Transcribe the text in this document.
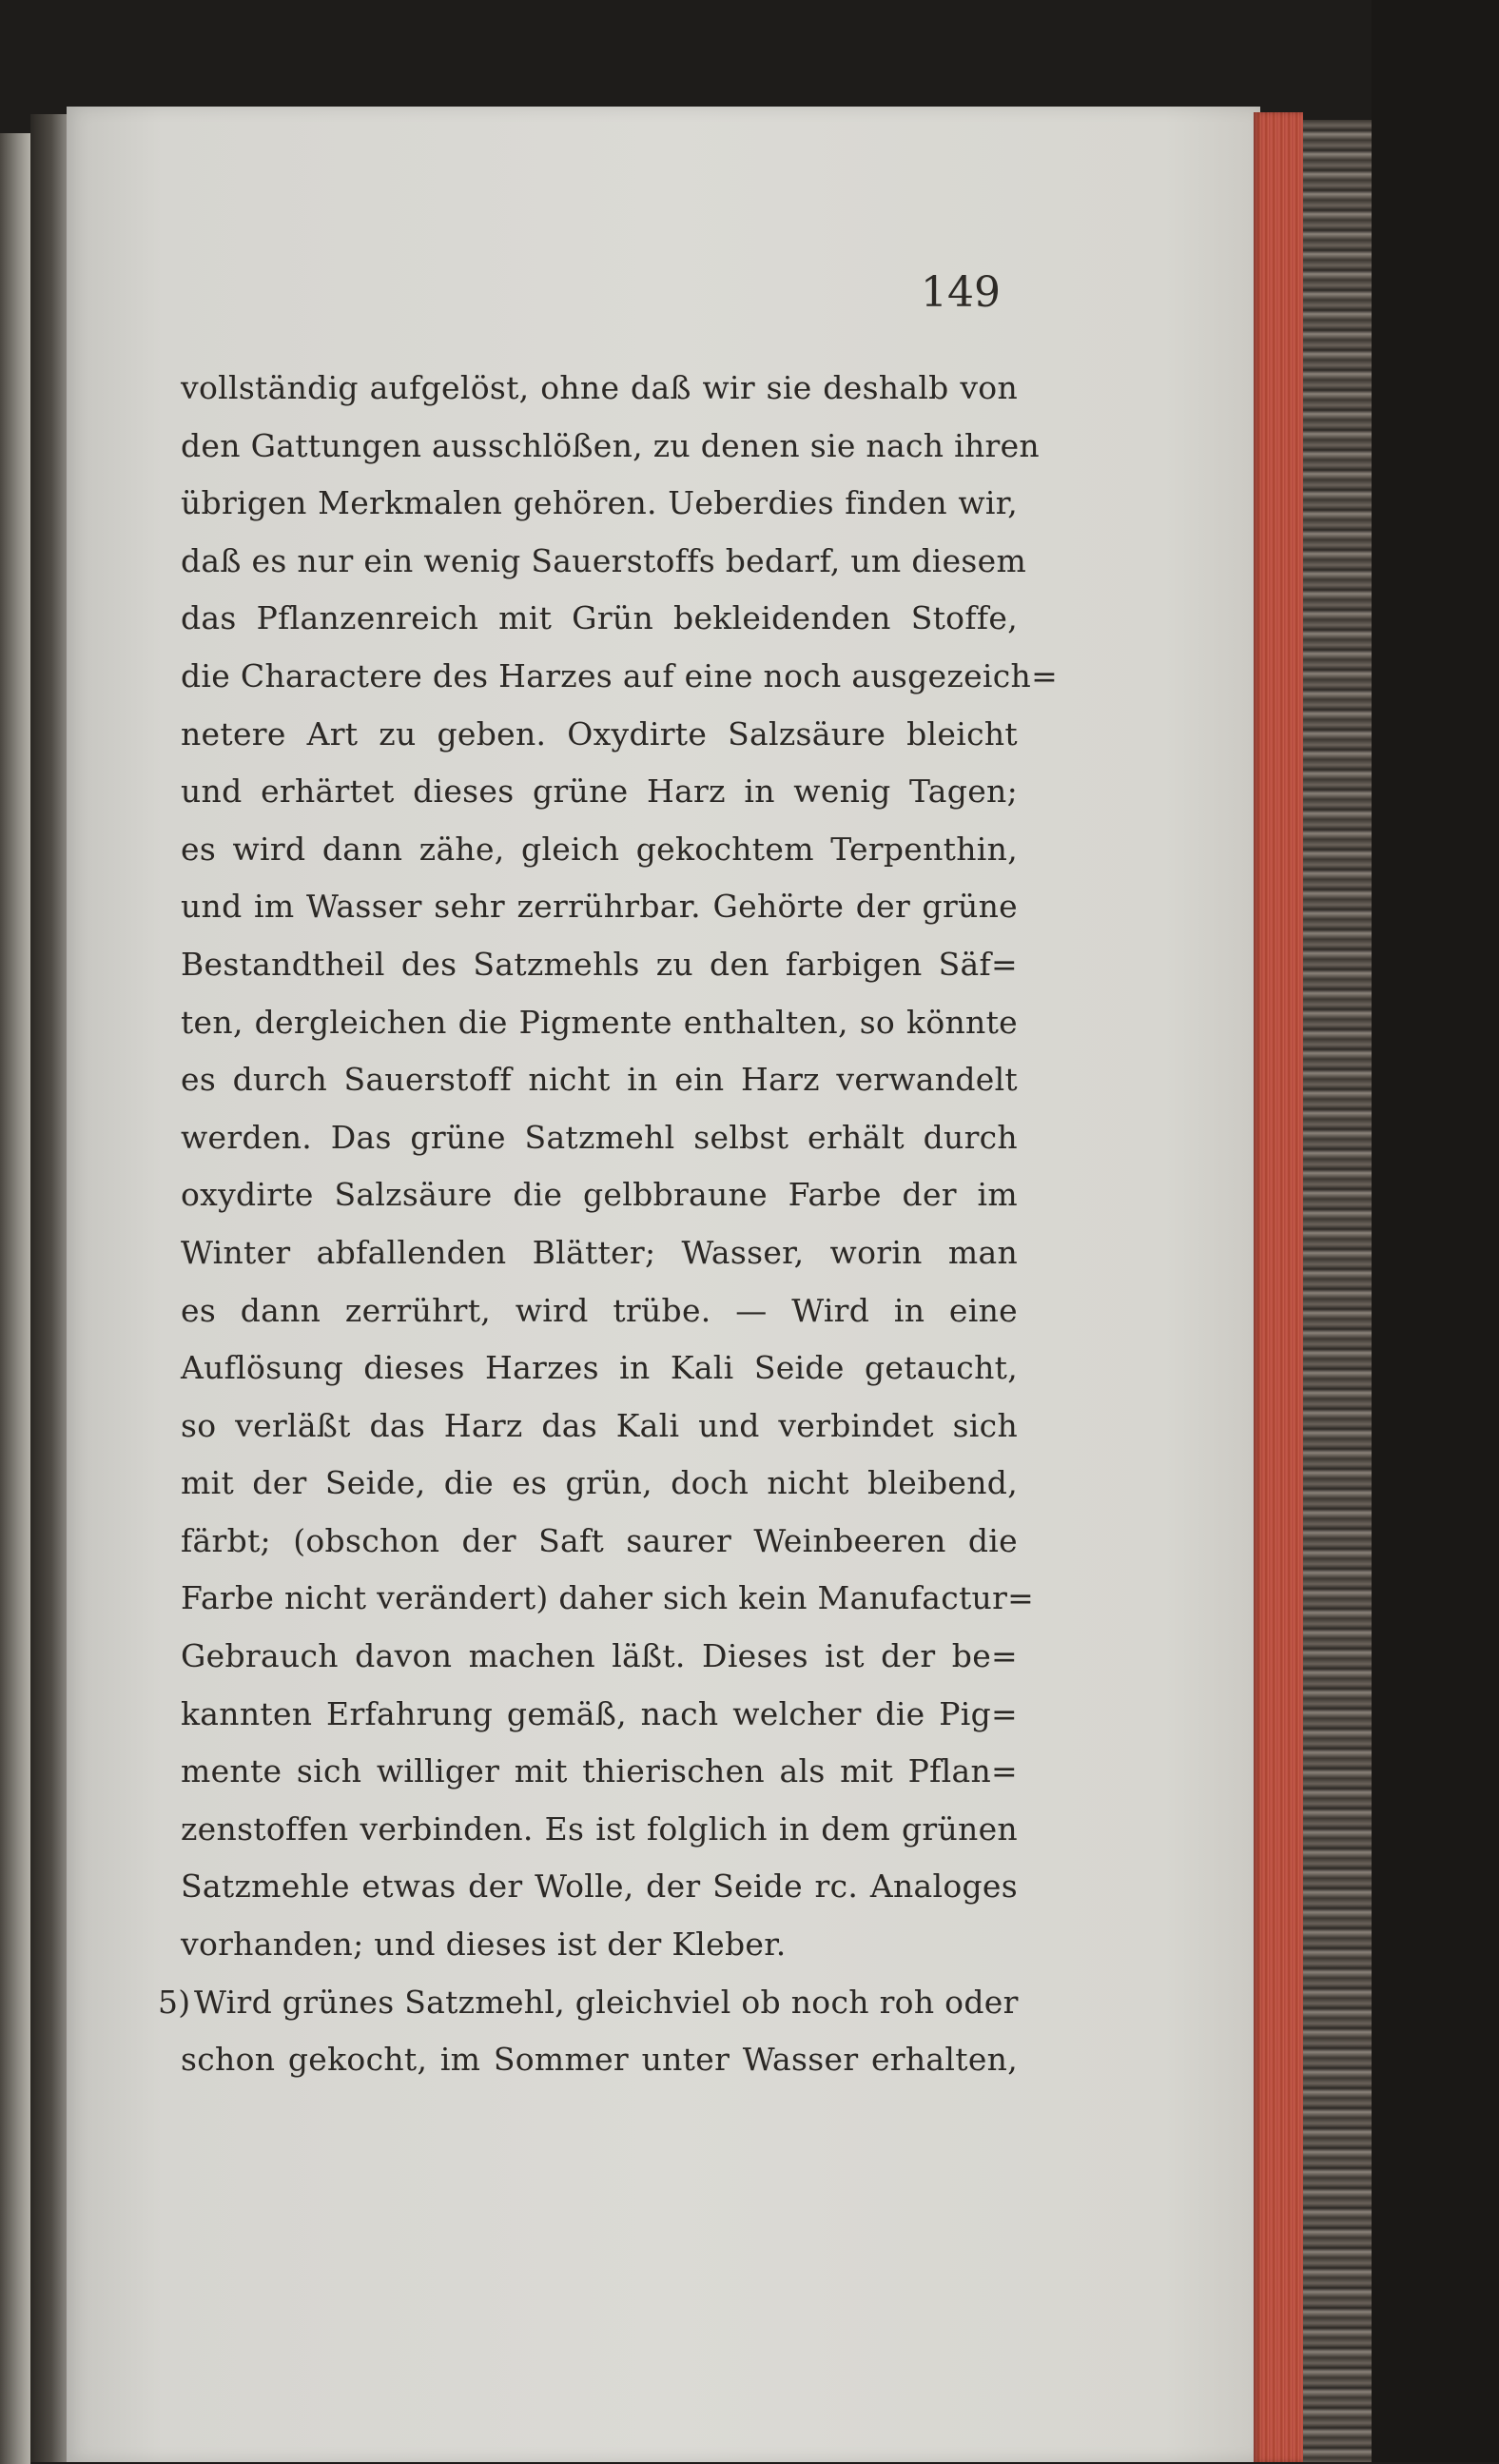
149
vollständig aufgelöst, ohne daß wir sie deshalb von
den Gattungen ausschlößen, zu denen sie nach ihren
übrigen Merkmalen gehören. Ueberdies finden wir,
daß es nur ein wenig Sauerstoffs bedarf, um diesem
das Pflanzenreich mit Grün bekleidenden Stoffe,
die Charactere des Harzes auf eine noch ausgezeich=
netere Art zu geben. Oxydirte Salzsäure bleicht
und erhärtet dieses grüne Harz in wenig Tagen;
es wird dann zähe, gleich gekochtem Terpenthin,
und im Wasser sehr zerrührbar. Gehörte der grüne
Bestandtheil des Satzmehls zu den farbigen Säf=
ten, dergleichen die Pigmente enthalten, so könnte
es durch Sauerstoff nicht in ein Harz verwandelt
werden. Das grüne Satzmehl selbst erhält durch
oxydirte Salzsäure die gelbbraune Farbe der im
Winter abfallenden Blätter; Wasser, worin man
es dann zerrührt, wird trübe. — Wird in eine
Auflösung dieses Harzes in Kali Seide getaucht,
so verläßt das Harz das Kali und verbindet sich
mit der Seide, die es grün, doch nicht bleibend,
färbt; (obschon der Saft saurer Weinbeeren die
Farbe nicht verändert) daher sich kein Manufactur=
Gebrauch davon machen läßt. Dieses ist der be=
kannten Erfahrung gemäß, nach welcher die Pig=
mente sich williger mit thierischen als mit Pflan=
zenstoffen verbinden. Es ist folglich in dem grünen
Satzmehle etwas der Wolle, der Seide rc. Analoges
vorhanden; und dieses ist der Kleber.
5) Wird grünes Satzmehl, gleichviel ob noch roh oder
schon gekocht, im Sommer unter Wasser erhalten,
